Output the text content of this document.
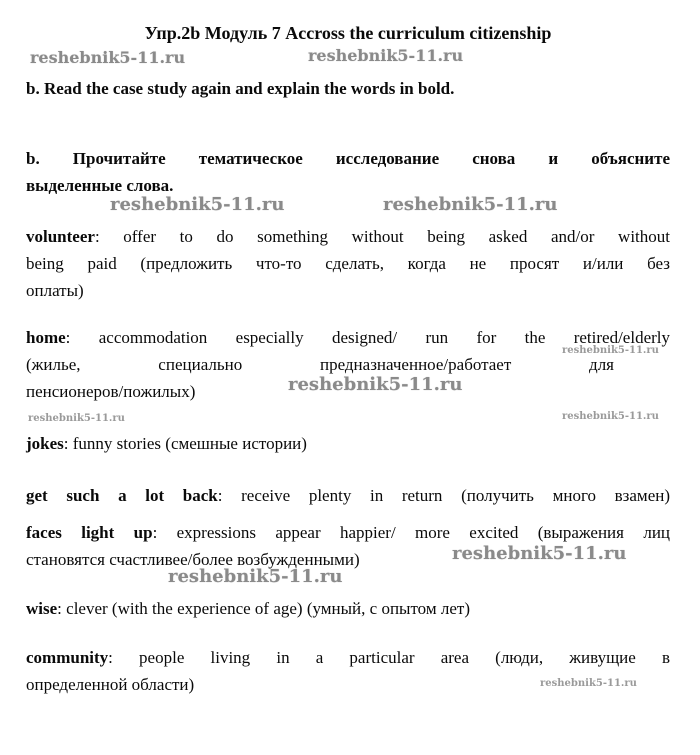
reshebnik5-11.ru	reshebnik5-11.ru
reshebnik5-11.ru	reshebnik5-11.ru
reshebnik5-11.ru
reshebnik5-11.ru
reshebnik5-11.ru	reshebnik5-11.ru
reshebnik5-11.ru
reshebnik5-11.ru
reshebnik5-11.ru
Упр.2b Модуль 7 Accross the curriculum citizenship
b. Read the case study again and explain the words in bold.
b. Прочитайте тематическое исследование снова и объясните
выделенные слова.
volunteer: offer to do something without being asked and/or without
being paid (предложить что-то сделать, когда не просят и/или без
оплаты)
home: accommodation especially designed/ run for the retired/elderly
(жилье, специально предназначенное/работает для
пенсионеров/пожилых)
jokes: funny stories (смешные истории)
get such a lot back: receive plenty in return (получить много взамен)
faces light up: expressions appear happier/ more excited (выражения лиц
становятся счастливее/более возбужденными)
wise: clever (with the experience of age) (умный, с опытом лет)
community: people living in a particular area (люди, живущие в
определенной области)
